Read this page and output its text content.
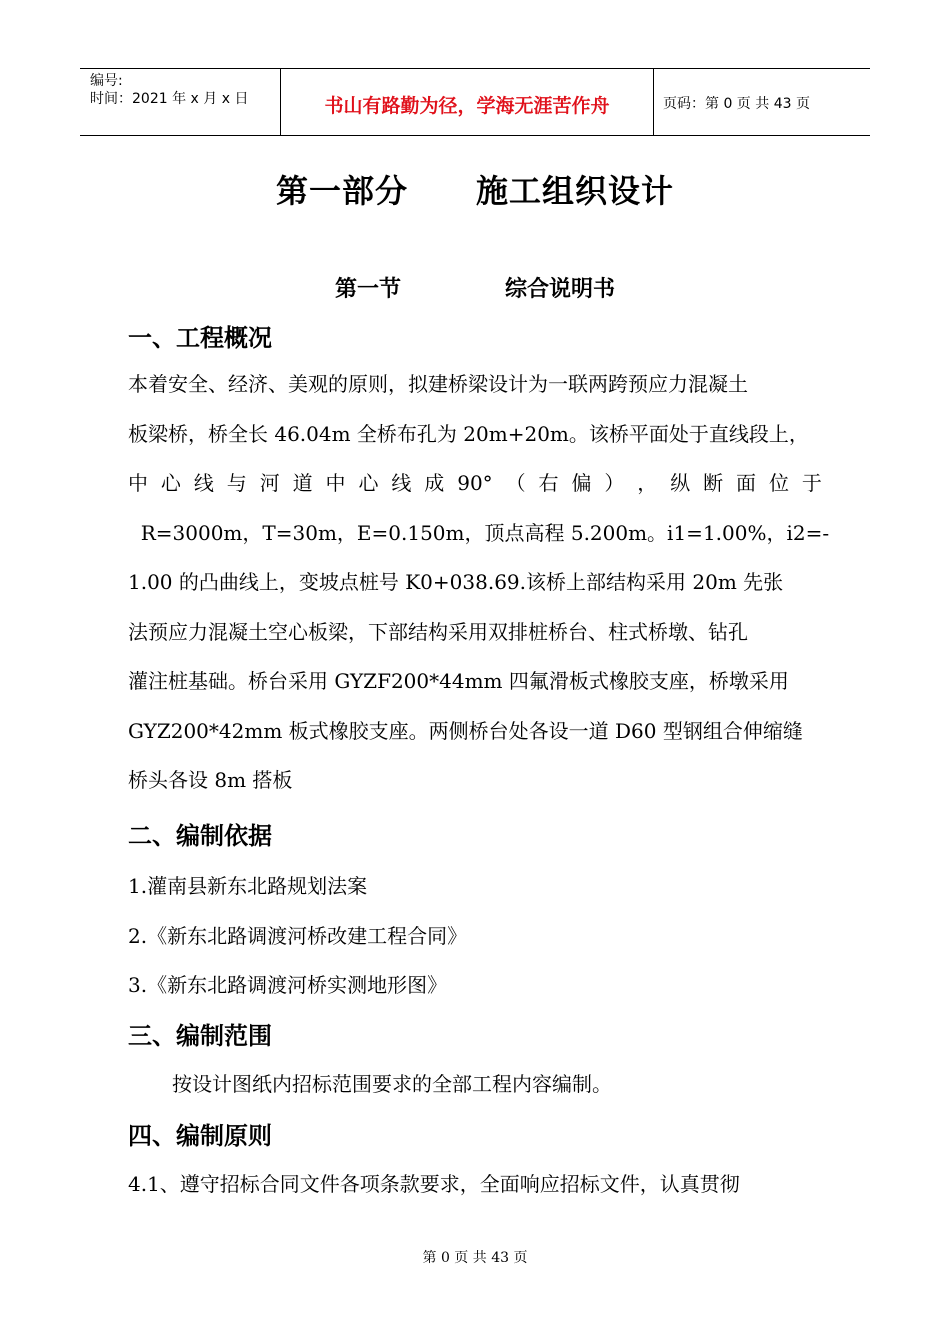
编号:
时间：2021 年 x 月 x 日	书山有路勤为径，学海无涯苦作舟	页码：第 0 页 共 43 页
第一部分 施工组织设计
第一节	综合说明书
一、工程概况
本着安全、经济、美观的原则，拟建桥梁设计为一联两跨预应力混凝土
板梁桥，桥全长 46.04m 全桥布孔为 20m+20m。该桥平面处于直线段上，
中 心 线 与 河 道 中 心 线 成 90° （ 右 偏 ） ， 纵 断 面 位 于
R=3000m，T=30m，E=0.150m，顶点高程 5.200m。i1=1.00%，i2=-
1.00 的凸曲线上，变坡点桩号 K0+038.69.该桥上部结构采用 20m 先张
法预应力混凝土空心板梁，下部结构采用双排桩桥台、柱式桥墩、钻孔
灌注桩基础。桥台采用 GYZF200*44mm 四氟滑板式橡胶支座，桥墩采用
GYZ200*42mm 板式橡胶支座。两侧桥台处各设一道 D60 型钢组合伸缩缝
桥头各设 8m 搭板
二、编制依据
1.灌南县新东北路规划法案
2.《新东北路调渡河桥改建工程合同》
3.《新东北路调渡河桥实测地形图》
三、编制范围
按设计图纸内招标范围要求的全部工程内容编制。
四、编制原则
4.1、遵守招标合同文件各项条款要求，全面响应招标文件，认真贯彻
第 0 页 共 43 页
